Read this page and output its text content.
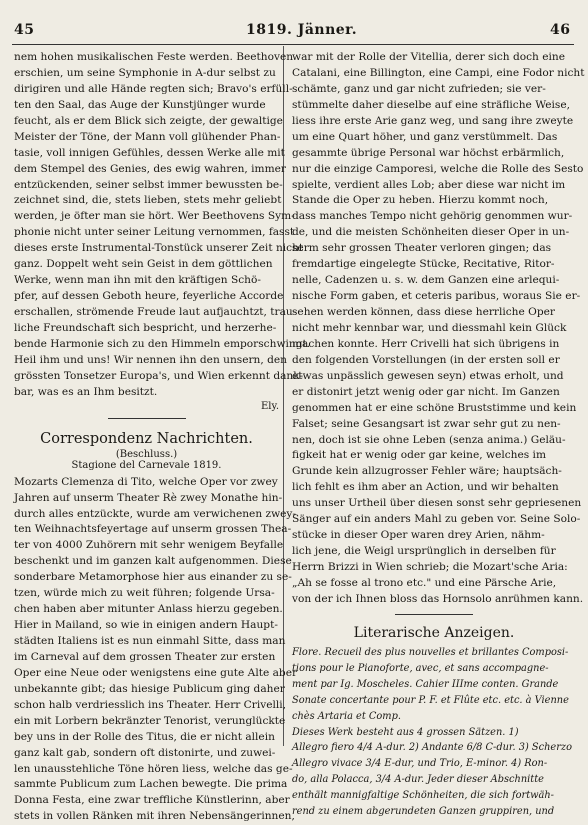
45	1819. Jänner.	46
nem hohen musikalischen Feste werden. Beethoven
erschien, um seine Symphonie in A-dur selbst zu
dirigiren und alle Hände regten sich; Bravo's erfüll-
ten den Saal, das Auge der Kunstjünger wurde
feucht, als er dem Blick sich zeigte, der gewaltige
Meister der Töne, der Mann voll glühender Phan-
tasie, voll innigen Gefühles, dessen Werke alle mit
dem Stempel des Genies, des ewig wahren, immer
entzückenden, seiner selbst immer bewussten be-
zeichnet sind, die, stets lieben, stets mehr geliebt
werden, je öfter man sie hört. Wer Beethovens Sym-
phonie nicht unter seiner Leitung vernommen, fasst
dieses erste Instrumental-Tonstück unserer Zeit nicht
ganz. Doppelt weht sein Geist in dem göttlichen
Werke, wenn man ihn mit den kräftigen Schö-
pfer, auf dessen Geboth heure, feyerliche Accorde
erschallen, strömende Freude laut aufjauchtzt, trau-
liche Freundschaft sich bespricht, und herzerhe-
bende Harmonie sich zu den Himmeln emporschwingt.
Heil ihm und uns! Wir nennen ihn den unsern, den
grössten Tonsetzer Europa's, und Wien erkennt dank-
bar, was es an Ihm besitzt.
Ely.
Correspondenz Nachrichten.
(Beschluss.)
Stagione del Carnevale 1819.
Mozarts Clemenza di Tito, welche Oper vor zwey
Jahren auf unserm Theater Rè zwey Monathe hin-
durch alles entzückte, wurde am verwichenen zwey-
ten Weihnachtsfeyertage auf unserm grossen Thea-
ter von 4000 Zuhörern mit sehr wenigem Beyfalle
beschenkt und im ganzen kalt aufgenommen. Diese
sonderbare Metamorphose hier aus einander zu se-
tzen, würde mich zu weit führen; folgende Ursa-
chen haben aber mitunter Anlass hierzu gegeben.
Hier in Mailand, so wie in einigen andern Haupt-
städten Italiens ist es nun einmahl Sitte, dass man
im Carneval auf dem grossen Theater zur ersten
Oper eine Neue oder wenigstens eine gute Alte aber
unbekannte gibt; das hiesige Publicum ging daher
schon halb verdriesslich ins Theater. Herr Crivelli,
ein mit Lorbern bekränzter Tenorist, verunglückte
bey uns in der Rolle des Titus, die er nicht allein
ganz kalt gab, sondern oft distonirte, und zuwei-
len unausstehliche Töne hören liess, welche das ge-
sammte Publicum zum Lachen bewegte. Die prima
Donna Festa, eine zwar treffliche Künstlerinn, aber
stets in vollen Ränken mit ihren Nebensängerinnen,
war mit der Rolle der Vitellia, derer sich doch eine
Catalani, eine Billington, eine Campi, eine Fodor nicht
schämte, ganz und gar nicht zufrieden; sie ver-
stümmelte daher dieselbe auf eine sträfliche Weise,
liess ihre erste Arie ganz weg, und sang ihre zweyte
um eine Quart höher, und ganz verstümmelt. Das
gesammte übrige Personal war höchst erbärmlich,
nur die einzige Camporesi, welche die Rolle des Sesto
spielte, verdient alles Lob; aber diese war nicht im
Stande die Oper zu heben. Hierzu kommt noch,
dass manches Tempo nicht gehörig genommen wur-
de, und die meisten Schönheiten dieser Oper in un-
serm sehr grossen Theater verloren gingen; das
fremdartige eingelegte Stücke, Recitative, Ritor-
nelle, Cadenzen u. s. w. dem Ganzen eine arlequi-
nische Form gaben, et ceteris paribus, woraus Sie er-
sehen werden können, dass diese herrliche Oper
nicht mehr kennbar war, und diessmahl kein Glück
machen konnte. Herr Crivelli hat sich übrigens in
den folgenden Vorstellungen (in der ersten soll er
etwas unpässlich gewesen seyn) etwas erholt, und
er distonirt jetzt wenig oder gar nicht. Im Ganzen
genommen hat er eine schöne Bruststimme und kein
Falset; seine Gesangsart ist zwar sehr gut zu nen-
nen, doch ist sie ohne Leben (senza anima.) Geläu-
figkeit hat er wenig oder gar keine, welches im
Grunde kein allzugrosser Fehler wäre; hauptsäch-
lich fehlt es ihm aber an Action, und wir behalten
uns unser Urtheil über diesen sonst sehr gepriesenen
Sänger auf ein anders Mahl zu geben vor. Seine Solo-
stücke in dieser Oper waren drey Arien, nähm-
lich jene, die Weigl ursprünglich in derselben für
Herrn Brizzi in Wien schrieb; die Mozart'sche Aria:
„Ah se fosse al trono etc." und eine Pärsche Arie,
von der ich Ihnen bloss das Hornsolo anrühmen kann.
Literarische Anzeigen.
Flore. Recueil des plus nouvelles et brillantes Composi-
tions pour le Pianoforte, avec, et sans accompagne-
ment par Ig. Moscheles. Cahier IIIme conten. Grande
Sonate concertante pour P. F. et Flûte etc. etc. à Vienne
chès Artaria et Comp.
Dieses Werk besteht aus 4 grossen Sätzen. 1)
Allegro fiero 4/4 A-dur. 2) Andante 6/8 C-dur. 3) Scherzo
Allegro vivace 3/4 E-dur, und Trio, E-minor. 4) Ron-
do, alla Polacca, 3/4 A-dur. Jeder dieser Abschnitte
enthält mannigfaltige Schönheiten, die sich fortwäh-
rend zu einem abgerundeten Ganzen gruppiren, und
